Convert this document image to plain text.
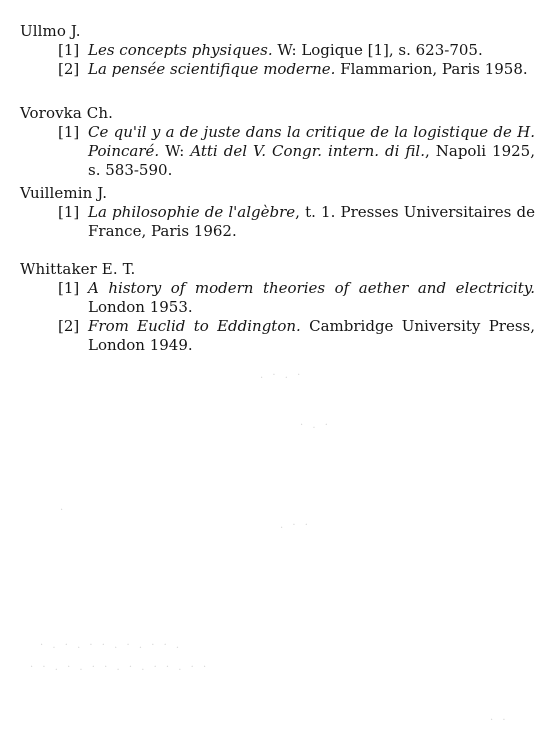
Ullmo J.

[1] Les concepts physiques. W: Logique [1], s. 623-705.
[2] La pensée scientifique moderne. Flammarion, Paris 1958.

Vorovka Ch.

[1] Ce qu'il y a de juste dans la critique de la logistique de H. Poincaré. W: Atti del V. Congr. intern. di fil., Napoli 1925, s. 583-590.

Vuillemin J.

[1] La philosophie de l'algèbre, t. 1. Presses Universitaires de France, Paris 1962.

Whittaker E. T.

[1] A history of modern theories of aether and electricity. London 1953.
[2] From Euclid to Eddington. Cambridge University Press, London 1949.
. · . ·
· . ·
·
. · ·
· . · . · · . · . · · .
· · . · . · · . · . · · . · ·
· ·
